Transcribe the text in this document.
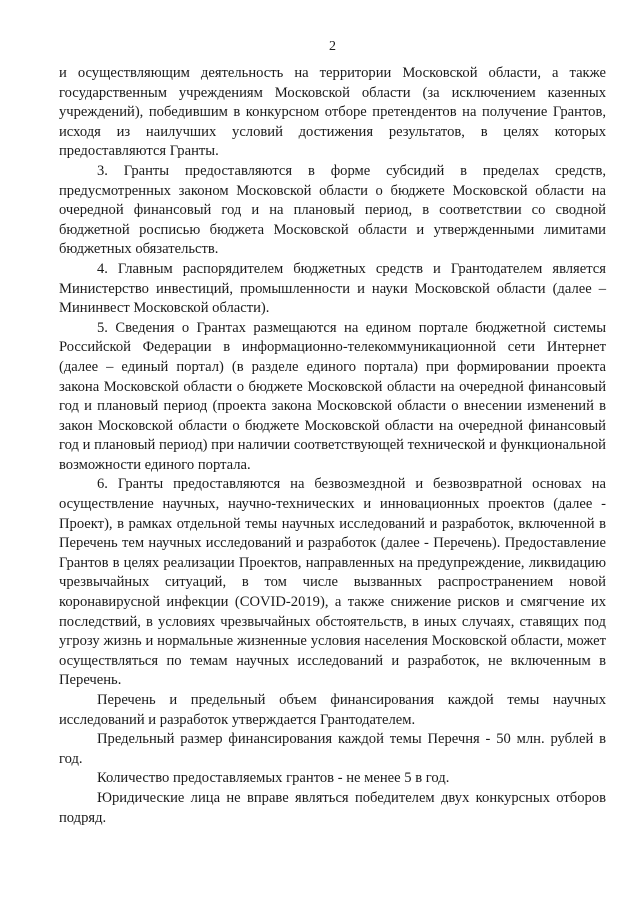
2

и осуществляющим деятельность на территории Московской области, а также государственным учреждениям Московской области (за исключением казенных учреждений), победившим в конкурсном отборе претендентов на получение Грантов, исходя из наилучших условий достижения результатов, в целях которых предоставляются Гранты.

3. Гранты предоставляются в форме субсидий в пределах средств, предусмотренных законом Московской области о бюджете Московской области на очередной финансовый год и на плановый период, в соответствии со сводной бюджетной росписью бюджета Московской области и утвержденными лимитами бюджетных обязательств.

4. Главным распорядителем бюджетных средств и Грантодателем является Министерство инвестиций, промышленности и науки Московской области (далее – Мининвест Московской области).

5. Сведения о Грантах размещаются на едином портале бюджетной системы Российской Федерации в информационно-телекоммуникационной сети Интернет (далее – единый портал) (в разделе единого портала) при формировании проекта закона Московской области о бюджете Московской области на очередной финансовый год и плановый период (проекта закона Московской области о внесении изменений в закон Московской области о бюджете Московской области на очередной финансовый год и плановый период) при наличии соответствующей технической и функциональной возможности единого портала.

6. Гранты предоставляются на безвозмездной и безвозвратной основах на осуществление научных, научно-технических и инновационных проектов (далее - Проект), в рамках отдельной темы научных исследований и разработок, включенной в Перечень тем научных исследований и разработок (далее - Перечень). Предоставление Грантов в целях реализации Проектов, направленных на предупреждение, ликвидацию чрезвычайных ситуаций, в том числе вызванных распространением новой коронавирусной инфекции (COVID-2019), а также снижение рисков и смягчение их последствий, в условиях чрезвычайных обстоятельств, в иных случаях, ставящих под угрозу жизнь и нормальные жизненные условия населения Московской области, может осуществляться по темам научных исследований и разработок, не включенным в Перечень.

Перечень и предельный объем финансирования каждой темы научных исследований и разработок утверждается Грантодателем.

Предельный размер финансирования каждой темы Перечня - 50 млн. рублей в год.

Количество предоставляемых грантов - не менее 5 в год.

Юридические лица не вправе являться победителем двух конкурсных отборов подряд.
